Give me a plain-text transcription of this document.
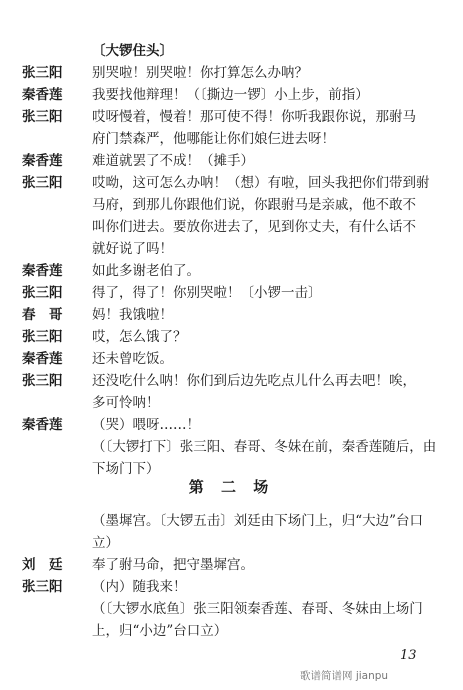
〔大锣住头〕
张三阳	别哭啦！别哭啦！你打算怎么办呐？
秦香莲	我要找他辩理！（〔撕边一锣〕小上步，前指）
张三阳	哎呀慢着，慢着！那可使不得！你听我跟你说，那驸马
府门禁森严，他哪能让你们娘仨进去呀！
秦香莲	难道就罢了不成！（摊手）
张三阳	哎呦，这可怎么办呐！（想）有啦，回头我把你们带到驸
马府，到那儿你跟他们说，你跟驸马是亲戚，他不敢不
叫你们进去。要放你进去了，见到你丈夫，有什么话不
就好说了吗！
秦香莲	如此多谢老伯了。
张三阳	得了，得了！你别哭啦！〔小锣一击〕
春　哥	妈！我饿啦！
张三阳	哎，怎么饿了？
秦香莲	还未曾吃饭。
张三阳	还没吃什么呐！你们到后边先吃点儿什么再去吧！唉，
多可怜呐！
秦香莲	（哭）喂呀……！
（〔大锣打下〕张三阳、春哥、冬妹在前，秦香莲随后，由
下场门下）
第 二 场
（墨墀宫。〔大锣五击〕刘廷由下场门上，归“大边”台口
立）
刘　廷	奉了驸马命，把守墨墀宫。
张三阳	（内）随我来！
（〔大锣水底鱼〕张三阳领秦香莲、春哥、冬妹由上场门
上，归“小边”台口立）
13
歌谱简谱网 jianpu
